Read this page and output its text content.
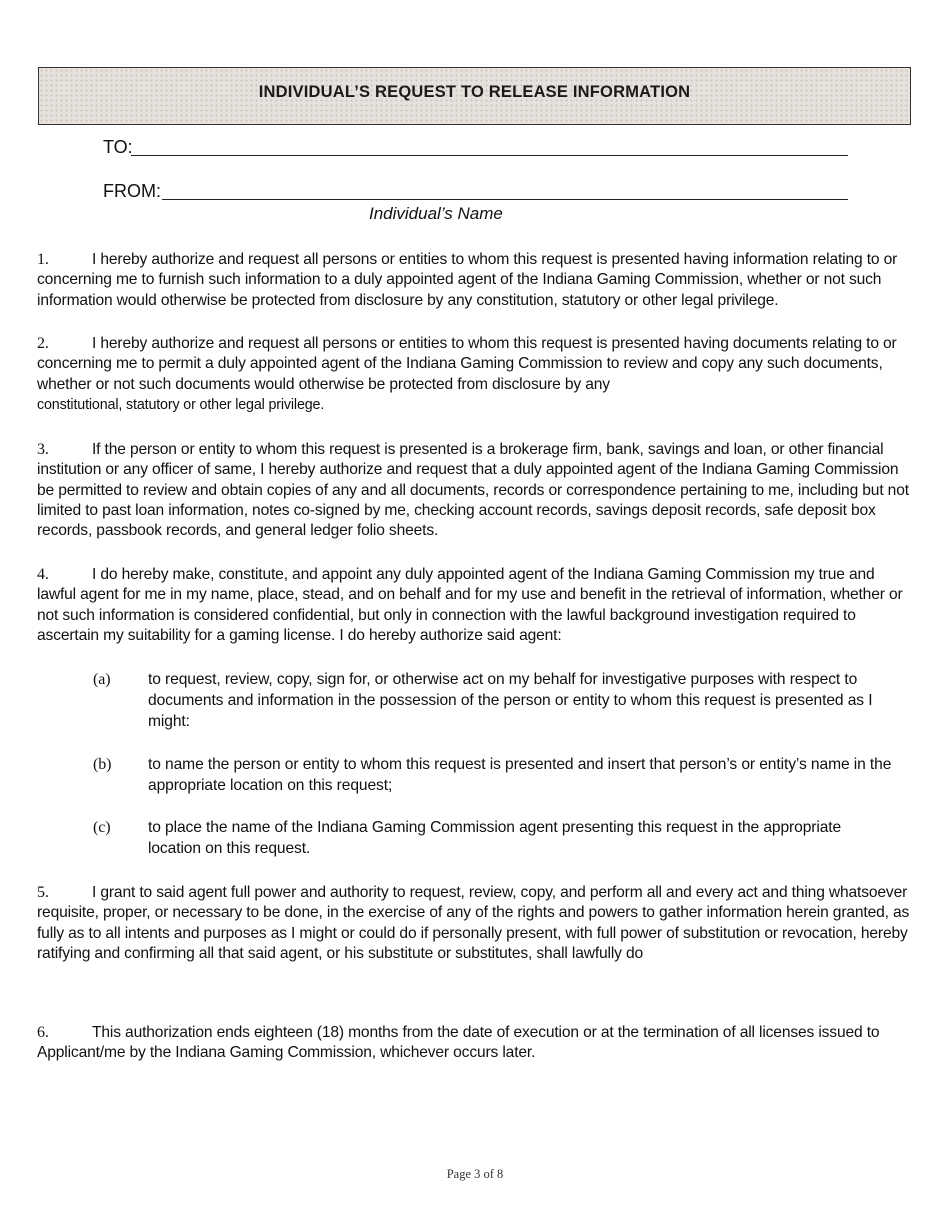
INDIVIDUAL’S REQUEST TO RELEASE INFORMATION
TO:
FROM:
Individual’s Name
1.	I hereby authorize and request all persons or entities to whom this request is presented having information relating to or concerning me to furnish such information to a duly appointed agent of the Indiana Gaming Commission, whether or not such information would otherwise be protected from disclosure by any constitution, statutory or other legal privilege.
2.	I hereby authorize and request all persons or entities to whom this request is presented having documents relating to or concerning me to permit a duly appointed agent of the Indiana Gaming Commission to review and copy any such documents, whether or not such documents would otherwise be protected from disclosure by any
constitutional, statutory or other legal privilege.
3.	If the person or entity to whom this request is presented is a brokerage firm, bank, savings and loan, or other financial institution or any officer of same, I hereby authorize and request that a duly appointed agent of the Indiana Gaming Commission be permitted to review and obtain copies of any and all documents, records or correspondence pertaining to me, including but not limited to past loan information, notes co-signed by me, checking account records, savings deposit records, safe deposit box records, passbook records, and general ledger folio sheets.
4.	I do hereby make, constitute, and appoint any duly appointed agent of the Indiana Gaming Commission my true and lawful agent for me in my name, place, stead, and on behalf and for my use and benefit in the retrieval of information, whether or not such information is considered confidential, but only in connection with the lawful background investigation required to ascertain my suitability for a gaming license. I do hereby authorize said agent:
(a) to request, review, copy, sign for, or otherwise act on my behalf for investigative purposes with respect to documents and information in the possession of the person or entity to whom this request is presented as I might:
(b) to name the person or entity to whom this request is presented and insert that person’s or entity’s name in the appropriate location on this request;
(c) to place the name of the Indiana Gaming Commission agent presenting this request in the appropriate location on this request.
5.	I grant to said agent full power and authority to request, review, copy, and perform all and every act and thing whatsoever requisite, proper, or necessary to be done, in the exercise of any of the rights and powers to gather information herein granted, as fully as to all intents and purposes as I might or could do if personally present, with full power of substitution or revocation, hereby ratifying and confirming all that said agent, or his substitute or substitutes, shall lawfully do
6.	This authorization ends eighteen (18) months from the date of execution or at the termination of all licenses issued to Applicant/me by the Indiana Gaming Commission, whichever occurs later.
Page 3 of 8
